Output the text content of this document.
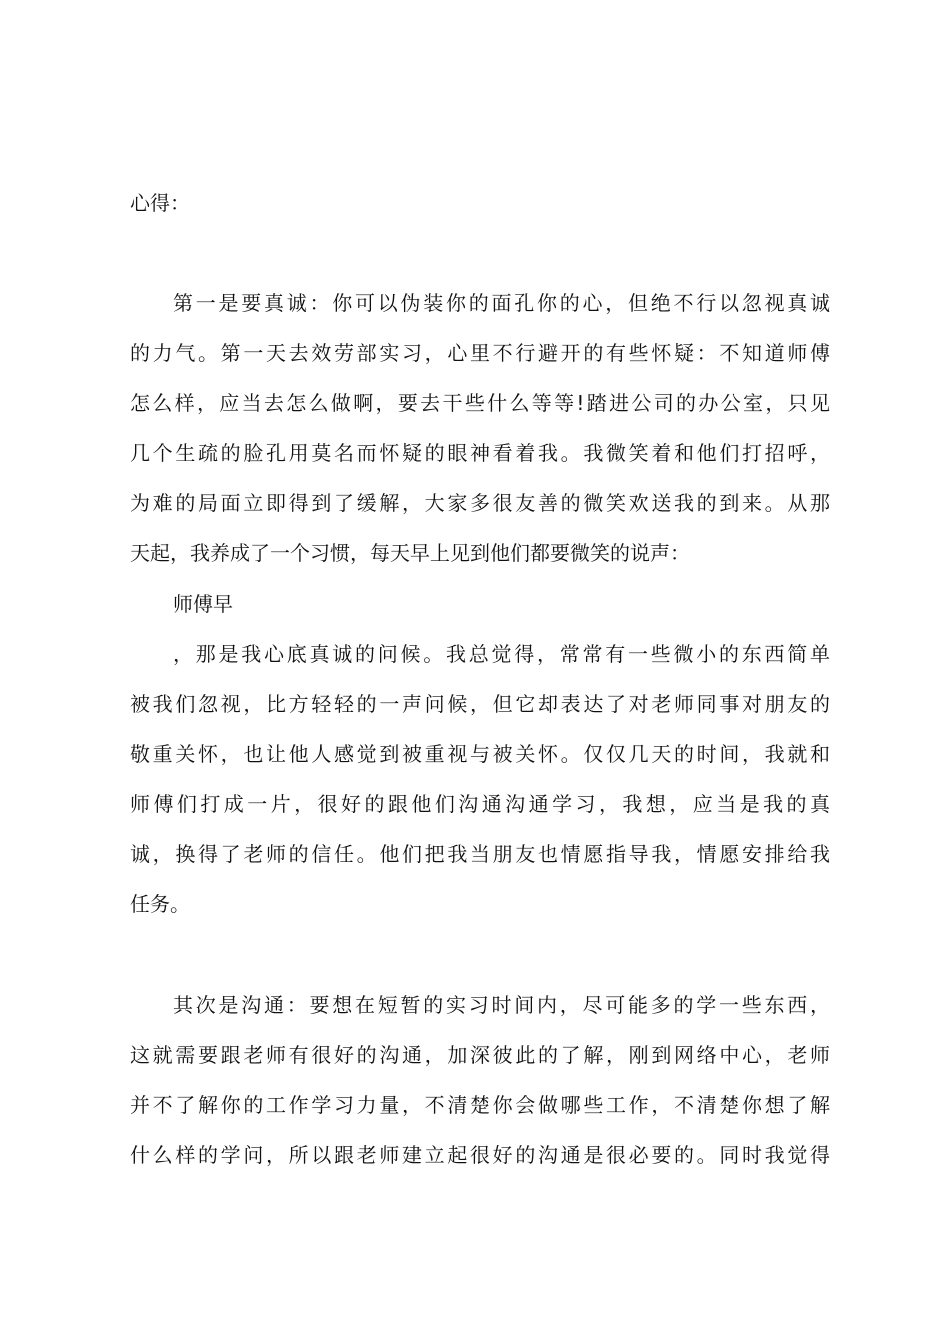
心得：
第一是要真诚：你可以伪装你的面孔你的心，但绝不行以忽视真诚
的力气。第一天去效劳部实习，心里不行避开的有些怀疑：不知道师傅
怎么样，应当去怎么做啊，要去干些什么等等!踏进公司的办公室，只见
几个生疏的脸孔用莫名而怀疑的眼神看着我。我微笑着和他们打招呼，
为难的局面立即得到了缓解，大家多很友善的微笑欢送我的到来。从那
天起，我养成了一个习惯，每天早上见到他们都要微笑的说声：
师傅早
，那是我心底真诚的问候。我总觉得，常常有一些微小的东西简单
被我们忽视，比方轻轻的一声问候，但它却表达了对老师同事对朋友的
敬重关怀，也让他人感觉到被重视与被关怀。仅仅几天的时间，我就和
师傅们打成一片，很好的跟他们沟通沟通学习，我想，应当是我的真
诚，换得了老师的信任。他们把我当朋友也情愿指导我，情愿安排给我
任务。
其次是沟通：要想在短暂的实习时间内，尽可能多的学一些东西，
这就需要跟老师有很好的沟通，加深彼此的了解，刚到网络中心，老师
并不了解你的工作学习力量，不清楚你会做哪些工作，不清楚你想了解
什么样的学问，所以跟老师建立起很好的沟通是很必要的。同时我觉得
